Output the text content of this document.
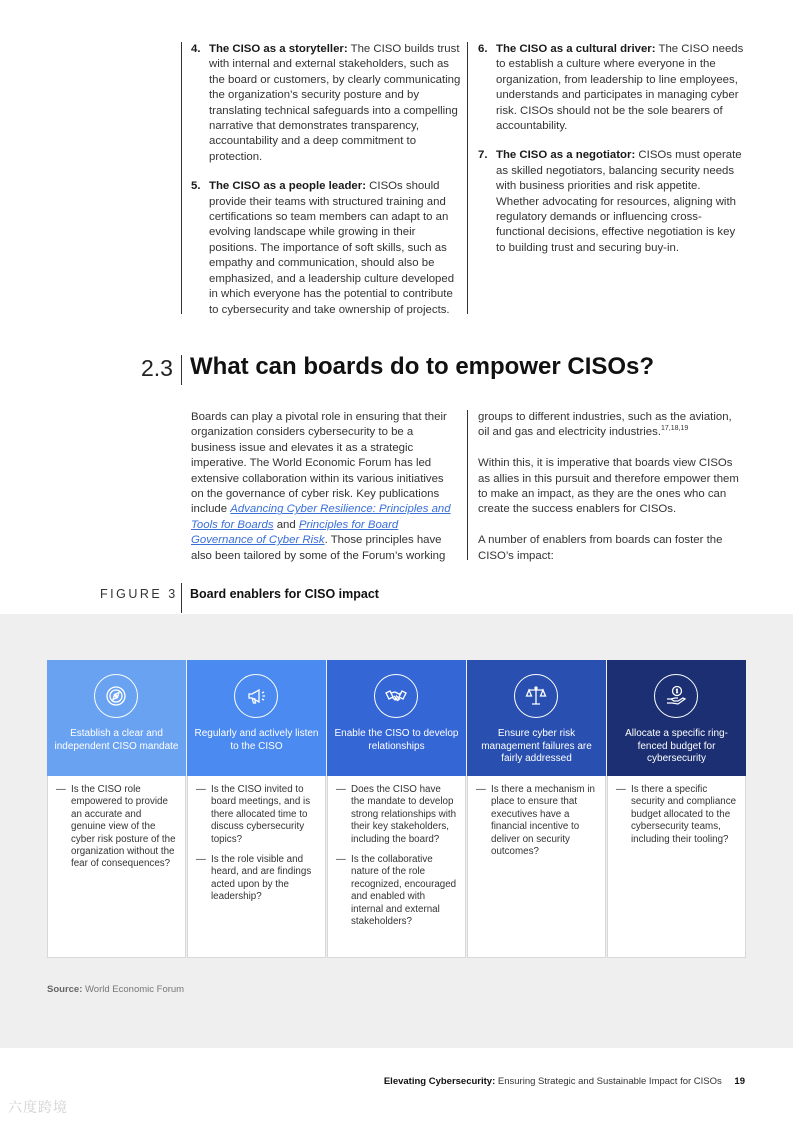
4. The CISO as a storyteller: The CISO builds trust with internal and external stakeholders, such as the board or customers, by clearly communicating the organization’s security posture and by translating technical safeguards into a compelling narrative that demonstrates transparency, accountability and a deep commitment to protection.
5. The CISO as a people leader: CISOs should provide their teams with structured training and certifications so team members can adapt to an evolving landscape while growing in their positions. The importance of soft skills, such as empathy and communication, should also be emphasized, and a leadership culture developed in which everyone has the potential to contribute to cybersecurity and take ownership of projects.
6. The CISO as a cultural driver: The CISO needs to establish a culture where everyone in the organization, from leadership to line employees, understands and participates in managing cyber risk. CISOs should not be the sole bearers of accountability.
7. The CISO as a negotiator: CISOs must operate as skilled negotiators, balancing security needs with business priorities and risk appetite. Whether advocating for resources, aligning with regulatory demands or influencing cross-functional decisions, effective negotiation is key to building trust and securing buy-in.
2.3 What can boards do to empower CISOs?

Boards can play a pivotal role in ensuring that their organization considers cybersecurity to be a business issue and elevates it as a strategic imperative. The World Economic Forum has led extensive collaboration within its various initiatives on the governance of cyber risk. Key publications include Advancing Cyber Resilience: Principles and Tools for Boards and Principles for Board Governance of Cyber Risk. Those principles have also been tailored by some of the Forum’s working

groups to different industries, such as the aviation, oil and gas and electricity industries.$^{17,18,19}$

Within this, it is imperative that boards view CISOs as allies in this pursuit and therefore empower them to make an impact, as they are the ones who can create the success enablers for CISOs.

A number of enablers from boards can foster the CISO’s impact:

FIGURE 3 Board enablers for CISO impact
Establish a clear and independent CISO mandate
— Is the CISO role empowered to provide an accurate and genuine view of the cyber risk posture of the organization without the fear of consequences?
Regularly and actively listen to the CISO
— Is the CISO invited to board meetings, and is there allocated time to discuss cybersecurity topics?
— Is the role visible and heard, and are findings acted upon by the leadership?
Enable the CISO to develop relationships
— Does the CISO have the mandate to develop strong relationships with their key stakeholders, including the board?
— Is the collaborative nature of the role recognized, encouraged and enabled with internal and external stakeholders?
Ensure cyber risk management failures are fairly addressed
— Is there a mechanism in place to ensure that executives have a financial incentive to deliver on security outcomes?
Allocate a specific ring-fenced budget for cybersecurity
— Is there a specific security and compliance budget allocated to the cybersecurity teams, including their tooling?
Source: World Economic Forum
Elevating Cybersecurity: Ensuring Strategic and Sustainable Impact for CISOs 19
六度跨境
